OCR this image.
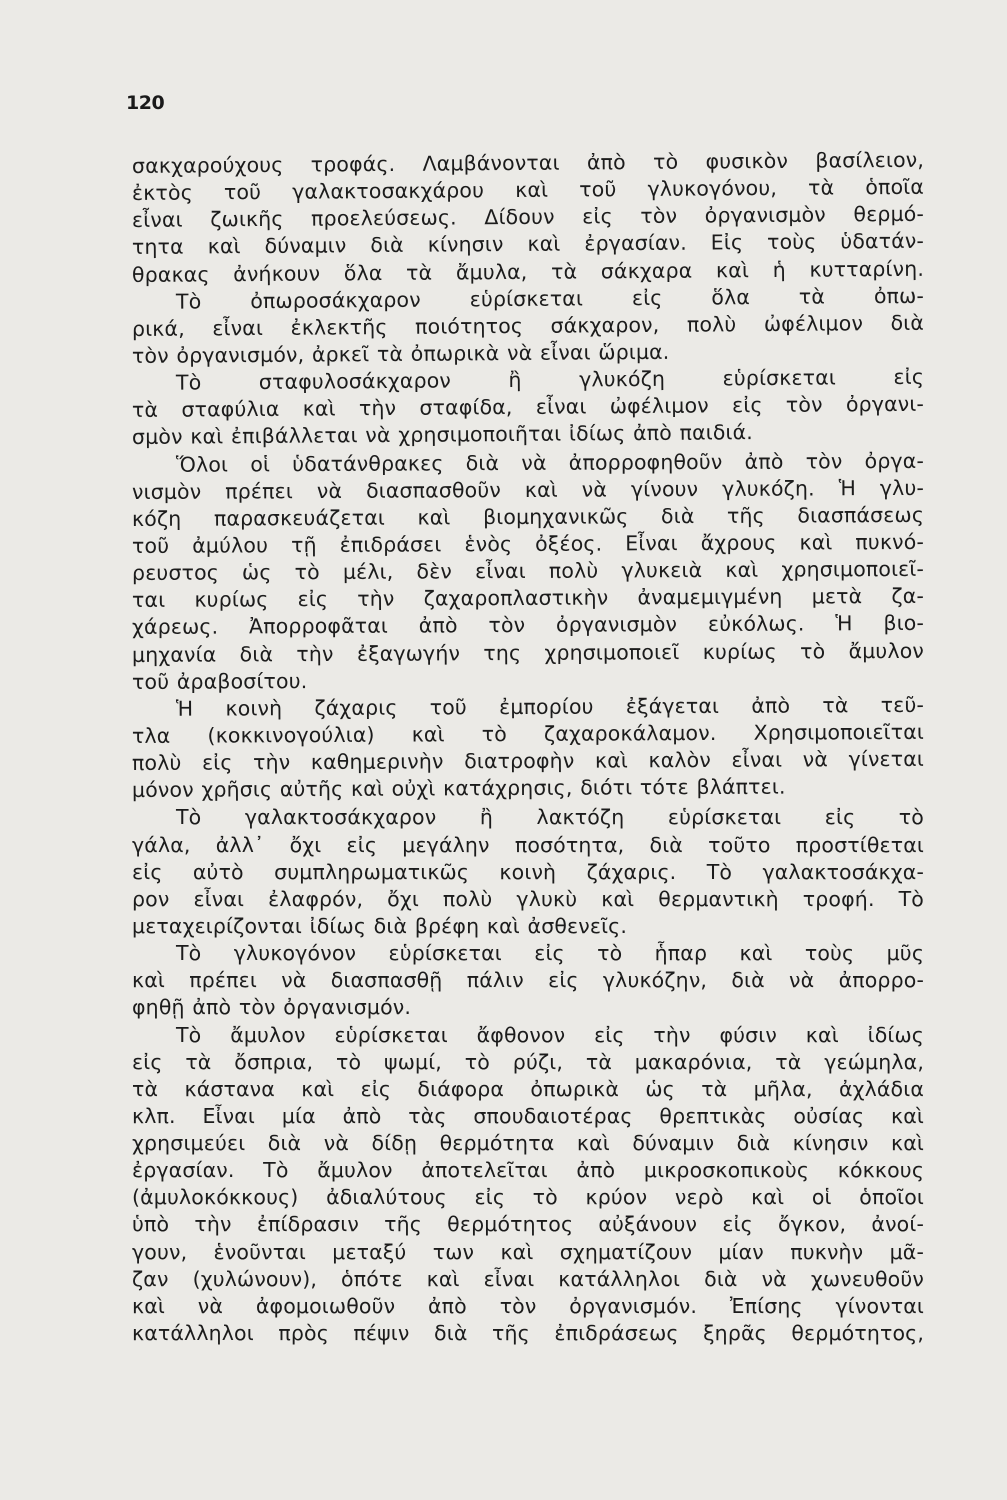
120
σακχαρούχους τροφάς. Λαμβάνονται ἀπὸ τὸ φυσικὸν βασίλειον,
ἐκτὸς τοῦ γαλακτοσακχάρου καὶ τοῦ γλυκογόνου, τὰ ὁποῖα
εἶναι ζωικῆς προελεύσεως. Δίδουν εἰς τὸν ὀργανισμὸν θερμό-
τητα καὶ δύναμιν διὰ κίνησιν καὶ ἐργασίαν. Εἰς τοὺς ὑδατάν-
θρακας ἀνήκουν ὅλα τὰ ἄμυλα, τὰ σάκχαρα καὶ ἡ κυτταρίνη.
Τὸ ὀπωροσάκχαρον εὑρίσκεται εἰς ὅλα τὰ ὀπω-
ρικά, εἶναι ἐκλεκτῆς ποιότητος σάκχαρον, πολὺ ὠφέλιμον διὰ
τὸν ὀργανισμόν, ἀρκεῖ τὰ ὀπωρικὰ νὰ εἶναι ὥριμα.
Τὸ σταφυλοσάκχαρον ἢ γλυκόζη εὑρίσκεται εἰς
τὰ σταφύλια καὶ τὴν σταφίδα, εἶναι ὠφέλιμον εἰς τὸν ὀργανι-
σμὸν καὶ ἐπιβάλλεται νὰ χρησιμοποιῆται ἰδίως ἀπὸ παιδιά.
Ὅλοι οἱ ὑδατάνθρακες διὰ νὰ ἀπορροφηθοῦν ἀπὸ τὸν ὀργα-
νισμὸν πρέπει νὰ διασπασθοῦν καὶ νὰ γίνουν γλυκόζη. Ἡ γλυ-
κόζη παρασκευάζεται καὶ βιομηχανικῶς διὰ τῆς διασπάσεως
τοῦ ἀμύλου τῇ ἐπιδράσει ἑνὸς ὀξέος. Εἶναι ἄχρους καὶ πυκνό-
ρευστος ὡς τὸ μέλι, δὲν εἶναι πολὺ γλυκειὰ καὶ χρησιμοποιεῖ-
ται κυρίως εἰς τὴν ζαχαροπλαστικὴν ἀναμεμιγμένη μετὰ ζα-
χάρεως. Ἀπορροφᾶται ἀπὸ τὸν ὀργανισμὸν εὐκόλως. Ἡ βιο-
μηχανία διὰ τὴν ἐξαγωγήν της χρησιμοποιεῖ κυρίως τὸ ἄμυλον
τοῦ ἀραβοσίτου.
Ἡ κοινὴ ζάχαρις τοῦ ἐμπορίου ἐξάγεται ἀπὸ τὰ τεῦ-
τλα (κοκκινογούλια) καὶ τὸ ζαχαροκάλαμον. Χρησιμοποιεῖται
πολὺ εἰς τὴν καθημερινὴν διατροφὴν καὶ καλὸν εἶναι νὰ γίνεται
μόνον χρῆσις αὐτῆς καὶ οὐχὶ κατάχρησις, διότι τότε βλάπτει.
Τὸ γαλακτοσάκχαρον ἢ λακτόζη εὑρίσκεται εἰς τὸ
γάλα, ἀλλ᾽ ὄχι εἰς μεγάλην ποσότητα, διὰ τοῦτο προστίθεται
εἰς αὐτὸ συμπληρωματικῶς κοινὴ ζάχαρις. Τὸ γαλακτοσάκχα-
ρον εἶναι ἐλαφρόν, ὄχι πολὺ γλυκὺ καὶ θερμαντικὴ τροφή. Τὸ
μεταχειρίζονται ἰδίως διὰ βρέφη καὶ ἀσθενεῖς.
Τὸ γλυκογόνον εὑρίσκεται εἰς τὸ ἧπαρ καὶ τοὺς μῦς
καὶ πρέπει νὰ διασπασθῇ πάλιν εἰς γλυκόζην, διὰ νὰ ἀπορρο-
φηθῇ ἀπὸ τὸν ὀργανισμόν.
Τὸ ἄμυλον εὑρίσκεται ἄφθονον εἰς τὴν φύσιν καὶ ἰδίως
εἰς τὰ ὄσπρια, τὸ ψωμί, τὸ ρύζι, τὰ μακαρόνια, τὰ γεώμηλα,
τὰ κάστανα καὶ εἰς διάφορα ὀπωρικὰ ὡς τὰ μῆλα, ἀχλάδια
κλπ. Εἶναι μία ἀπὸ τὰς σπουδαιοτέρας θρεπτικὰς οὐσίας καὶ
χρησιμεύει διὰ νὰ δίδῃ θερμότητα καὶ δύναμιν διὰ κίνησιν καὶ
ἐργασίαν. Τὸ ἄμυλον ἀποτελεῖται ἀπὸ μικροσκοπικοὺς κόκκους
(ἀμυλοκόκκους) ἀδιαλύτους εἰς τὸ κρύον νερὸ καὶ οἱ ὁποῖοι
ὑπὸ τὴν ἐπίδρασιν τῆς θερμότητος αὐξάνουν εἰς ὄγκον, ἀνοί-
γουν, ἑνοῦνται μεταξύ των καὶ σχηματίζουν μίαν πυκνὴν μᾶ-
ζαν (χυλώνουν), ὁπότε καὶ εἶναι κατάλληλοι διὰ νὰ χωνευθοῦν
καὶ νὰ ἀφομοιωθοῦν ἀπὸ τὸν ὀργανισμόν. Ἐπίσης γίνονται
κατάλληλοι πρὸς πέψιν διὰ τῆς ἐπιδράσεως ξηρᾶς θερμότητος,
